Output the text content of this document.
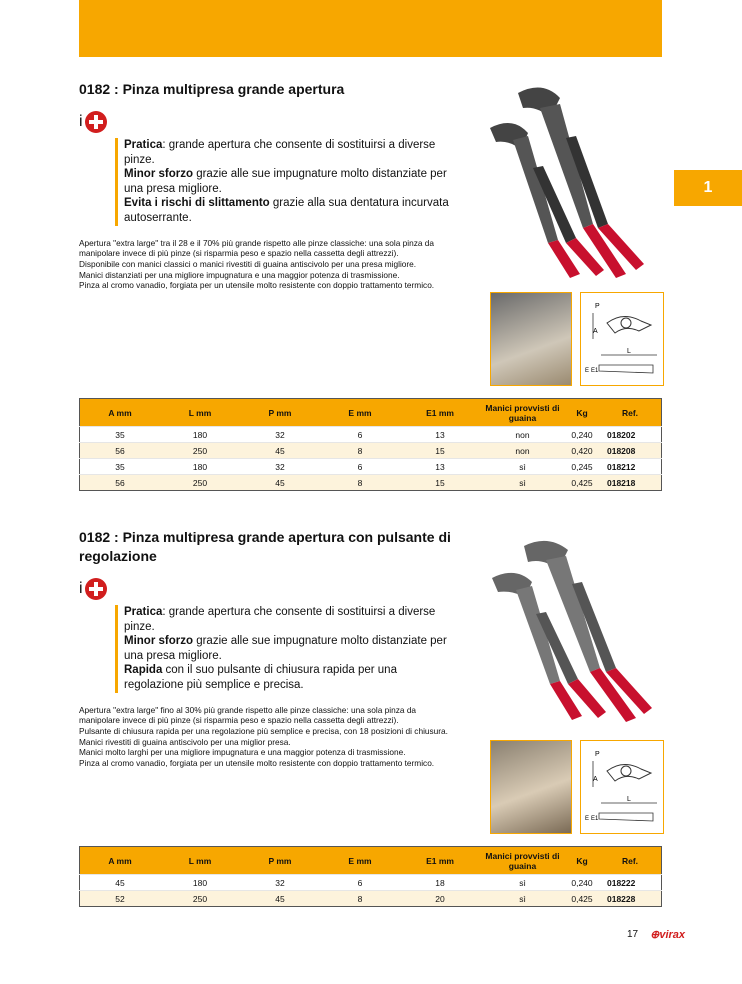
1
0182 : Pinza multipresa grande apertura
i
Pratica: grande apertura che consente di sostituirsi a diverse pinze.
Minor sforzo grazie alle sue impugnature molto distanziate per una presa migliore.
Evita i rischi di slittamento grazie alla sua dentatura incurvata autoserrante.
Apertura "extra large" tra il 28 e il 70% più grande rispetto alle pinze classiche: una sola pinza da manipolare invece di più pinze (si risparmia peso e spazio nella cassetta degli attrezzi).
Disponibile con manici classici o manici rivestiti di guaina antiscivolo per una presa migliore.
Manici distanziati per una migliore impugnatura e una maggior potenza di trasmissione.
Pinza al cromo vanadio, forgiata per un utensile molto resistente con doppio trattamento termico.
P
A
L
E E1
A mm	L mm	P mm	E mm	E1 mm	Manici provvisti di guaina	Kg	Ref.
35	180	32	6	13	non	0,240	018202
56	250	45	8	15	non	0,420	018208
35	180	32	6	13	sì	0,245	018212
56	250	45	8	15	sì	0,425	018218
0182 : Pinza multipresa grande apertura con pulsante di regolazione
i
Pratica: grande apertura che consente di sostituirsi a diverse pinze.
Minor sforzo grazie alle sue impugnature molto distanziate per una presa migliore.
Rapida con il suo pulsante di chiusura rapida per una regolazione più semplice e precisa.
Apertura "extra large" fino al 30% più grande rispetto alle pinze classiche: una sola pinza da manipolare invece di più pinze (si risparmia peso e spazio nella cassetta degli attrezzi).
Pulsante di chiusura rapida per una regolazione più semplice e precisa, con 18 posizioni di chiusura.
Manici rivestiti di guaina antiscivolo per una miglior presa.
Manici molto larghi per una migliore impugnatura e una maggior potenza di trasmissione.
Pinza al cromo vanadio, forgiata per un utensile molto resistente con doppio trattamento termico.
P
A
L
E E1
A mm	L mm	P mm	E mm	E1 mm	Manici provvisti di guaina	Kg	Ref.
45	180	32	6	18	sì	0,240	018222
52	250	45	8	20	sì	0,425	018228
17 ⊕virax
